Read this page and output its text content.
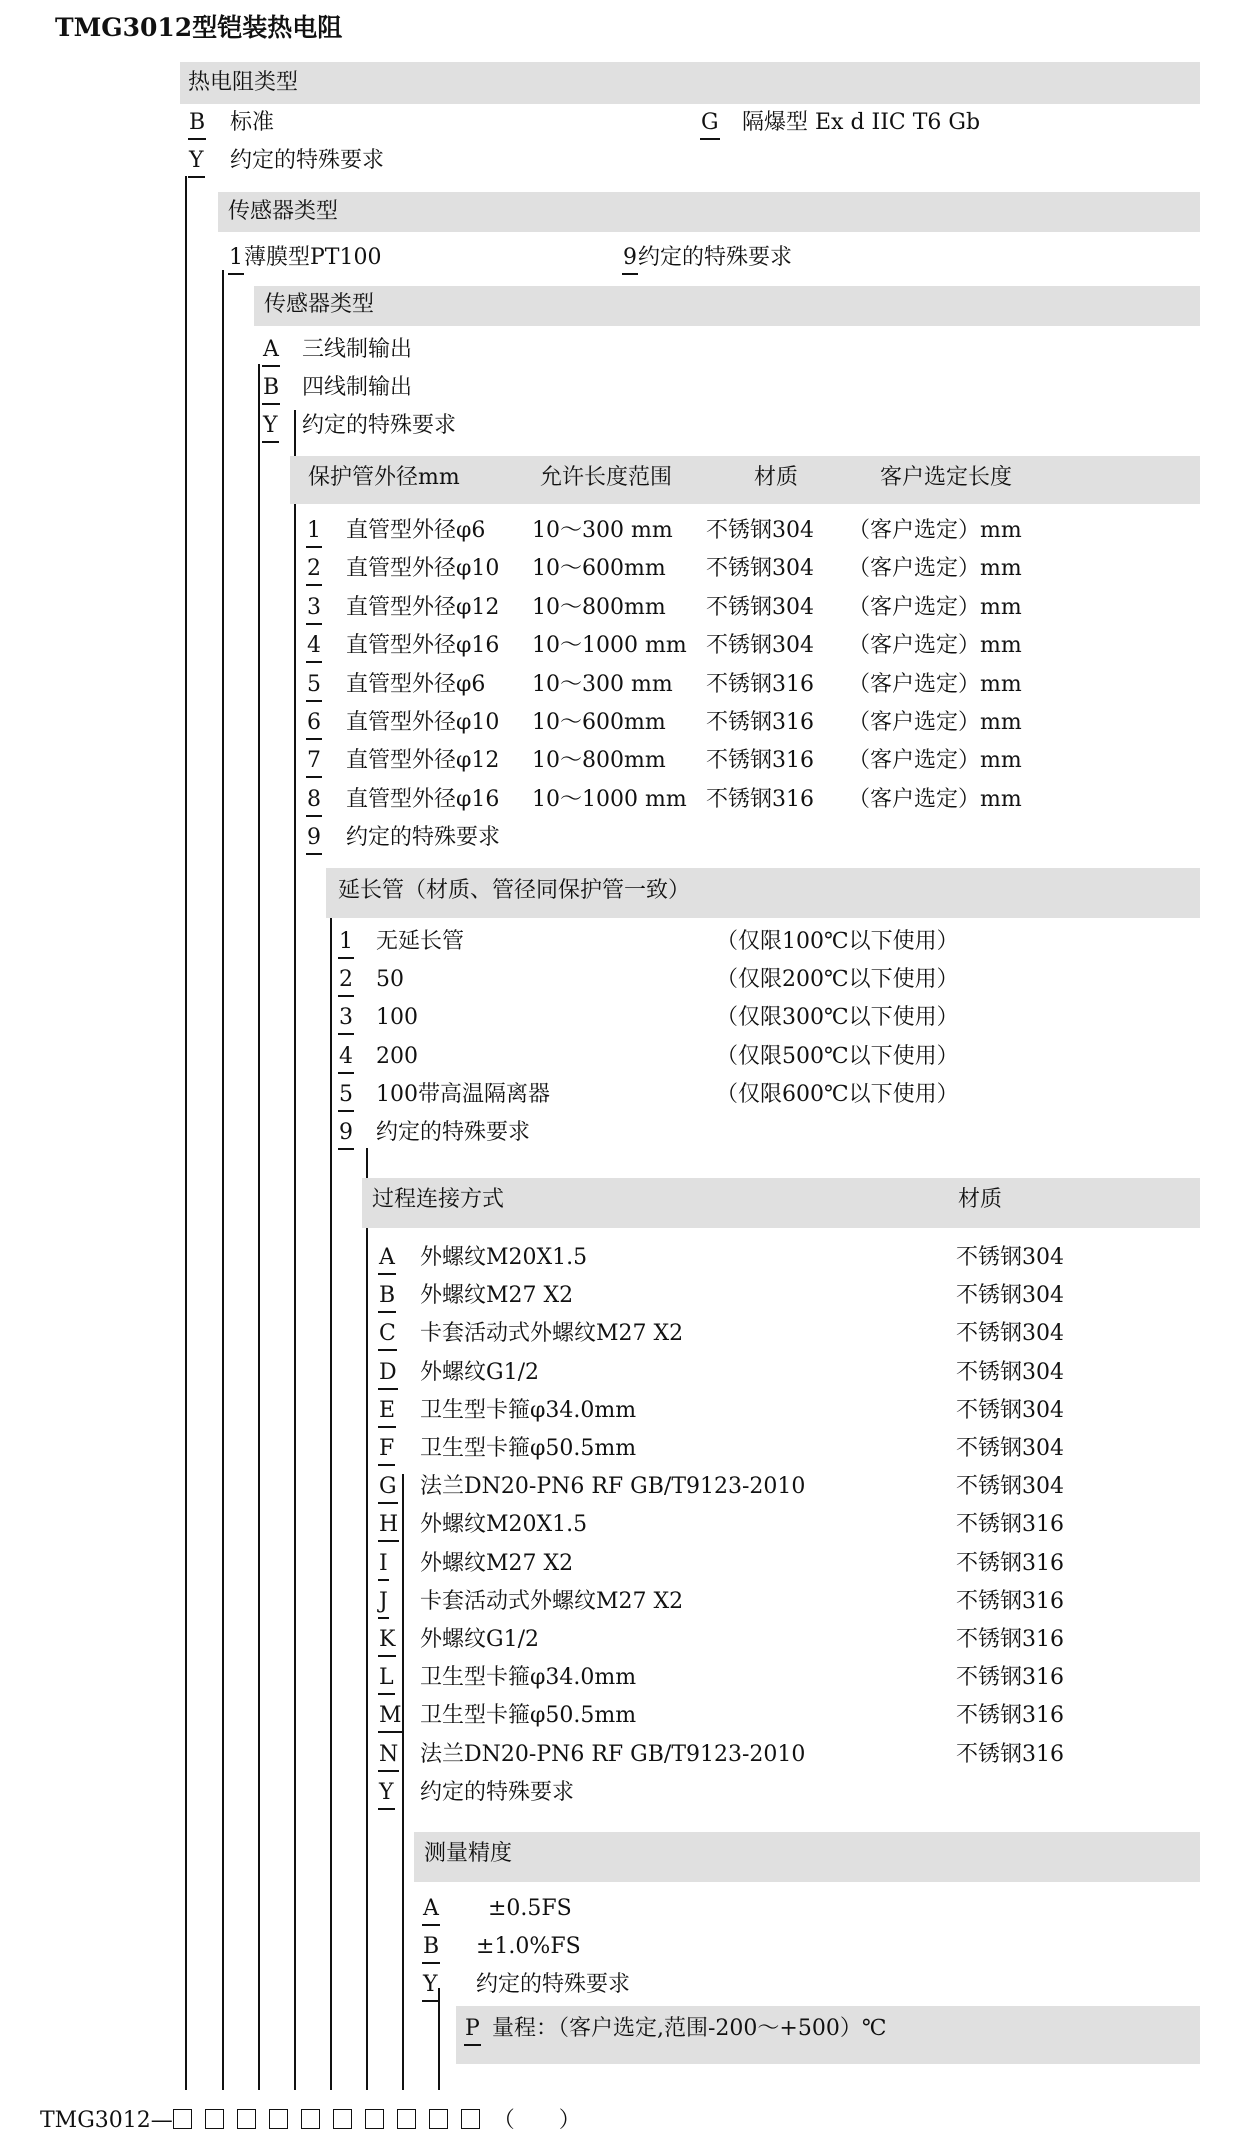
TMG3012型铠装热电阻
热电阻类型
B 标准	G 隔爆型 Ex d IIC T6 Gb
Y 约定的特殊要求
传感器类型
1 薄膜型PT100	9 约定的特殊要求
传感器类型
A 三线制输出
B 四线制输出
Y 约定的特殊要求
保护管外径mm	允许长度范围	材质	客户选定长度
1 直管型外径φ6 10～300 mm 不锈钢304 （客户选定）mm
2 直管型外径φ10 10～600mm 不锈钢304 （客户选定）mm
3 直管型外径φ12 10～800mm 不锈钢304 （客户选定）mm
4 直管型外径φ16 10～1000 mm 不锈钢304 （客户选定）mm
5 直管型外径φ6 10～300 mm 不锈钢316 （客户选定）mm
6 直管型外径φ10 10～600mm 不锈钢316 （客户选定）mm
7 直管型外径φ12 10～800mm 不锈钢316 （客户选定）mm
8 直管型外径φ16 10～1000 mm 不锈钢316 （客户选定）mm
9 约定的特殊要求
延长管（材质、管径同保护管一致）
1 无延长管	（仅限100℃以下使用）
2 50	（仅限200℃以下使用）
3 100	（仅限300℃以下使用）
4 200	（仅限500℃以下使用）
5 100带高温隔离器	（仅限600℃以下使用）
9 约定的特殊要求
过程连接方式	材质
A 外螺纹M20X1.5	不锈钢304
B 外螺纹M27 X2	不锈钢304
C 卡套活动式外螺纹M27 X2	不锈钢304
D 外螺纹G1/2	不锈钢304
E 卫生型卡箍φ34.0mm	不锈钢304
F 卫生型卡箍φ50.5mm	不锈钢304
G 法兰DN20-PN6 RF GB/T9123-2010	不锈钢304
H 外螺纹M20X1.5	不锈钢316
I 外螺纹M27 X2	不锈钢316
J 卡套活动式外螺纹M27 X2	不锈钢316
K 外螺纹G1/2	不锈钢316
L 卫生型卡箍φ34.0mm	不锈钢316
M 卫生型卡箍φ50.5mm	不锈钢316
N 法兰DN20-PN6 RF GB/T9123-2010	不锈钢316
Y 约定的特殊要求
测量精度
A ±0.5FS
B ±1.0%FS
Y 约定的特殊要求
P 量程：（客户选定,范围-200～+500）℃
TMG3012—	（　　）
